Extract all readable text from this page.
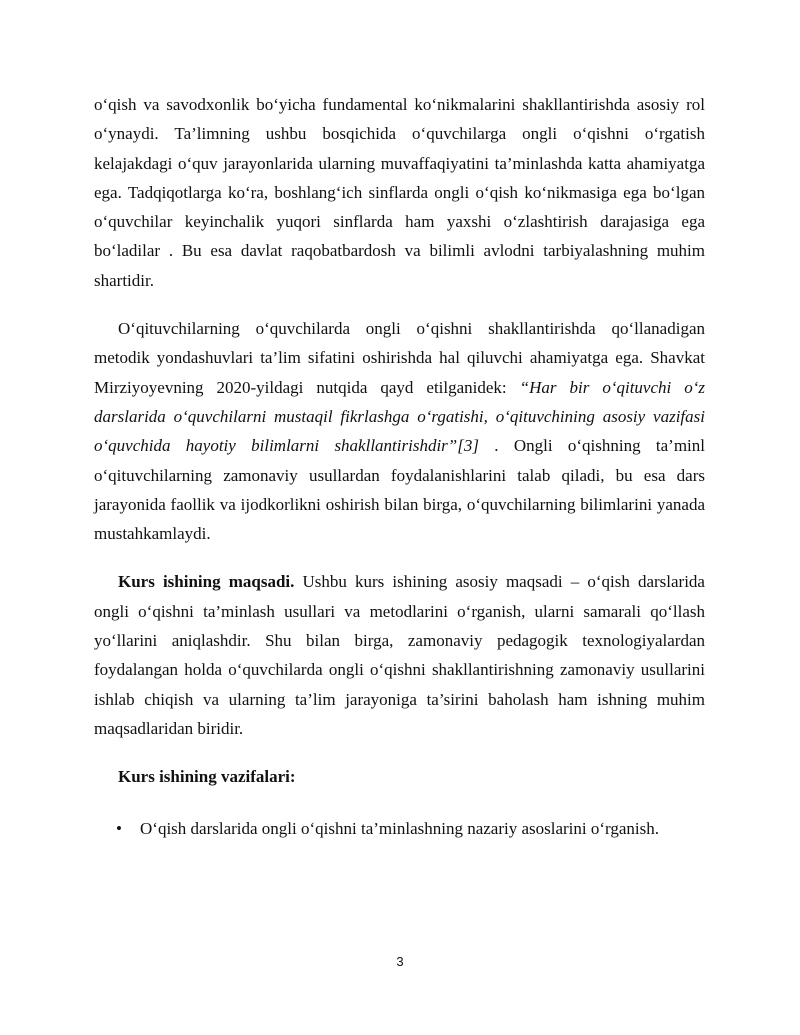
o‘qish va savodxonlik bo‘yicha fundamental ko‘nikmalarini shakllantirishda asosiy rol o‘ynaydi. Ta’limning ushbu bosqichida o‘quvchilarga ongli o‘qishni o‘rgatish kelajakdagi o‘quv jarayonlarida ularning muvaffaqiyatini ta’minlashda katta ahamiyatga ega. Tadqiqotlarga ko‘ra, boshlang‘ich sinflarda ongli o‘qish ko‘nikmasiga ega bo‘lgan o‘quvchilar keyinchalik yuqori sinflarda ham yaxshi o‘zlashtirish darajasiga ega bo‘ladilar . Bu esa davlat raqobatbardosh va bilimli avlodni tarbiyalashning muhim shartidir.

O‘qituvchilarning o‘quvchilarda ongli o‘qishni shakllantirishda qo‘llanadigan metodik yondashuvlari ta’lim sifatini oshirishda hal qiluvchi ahamiyatga ega. Shavkat Mirziyoyevning 2020-yildagi nutqida qayd etilganidek: “Har bir o‘qituvchi o‘z darslarida o‘quvchilarni mustaqil fikrlashga o‘rgatishi, o‘qituvchining asosiy vazifasi o‘quvchida hayotiy bilimlarni shakllantirishdir”[3] . Ongli o‘qishning ta’minl o‘qituvchilarning zamonaviy usullardan foydalanishlarini talab qiladi, bu esa dars jarayonida faollik va ijodkorlikni oshirish bilan birga, o‘quvchilarning bilimlarini yanada mustahkamlaydi.

Kurs ishining maqsadi. Ushbu kurs ishining asosiy maqsadi – o‘qish darslarida ongli o‘qishni ta’minlash usullari va metodlarini o‘rganish, ularni samarali qo‘llash yo‘llarini aniqlashdir. Shu bilan birga, zamonaviy pedagogik texnologiyalardan foydalangan holda o‘quvchilarda ongli o‘qishni shakllantirishning zamonaviy usullarini ishlab chiqish va ularning ta’lim jarayoniga ta’sirini baholash ham ishning muhim maqsadlaridan biridir.

Kurs ishining vazifalari:

•	O‘qish darslarida ongli o‘qishni ta’minlashning nazariy asoslarini o‘rganish.

3
